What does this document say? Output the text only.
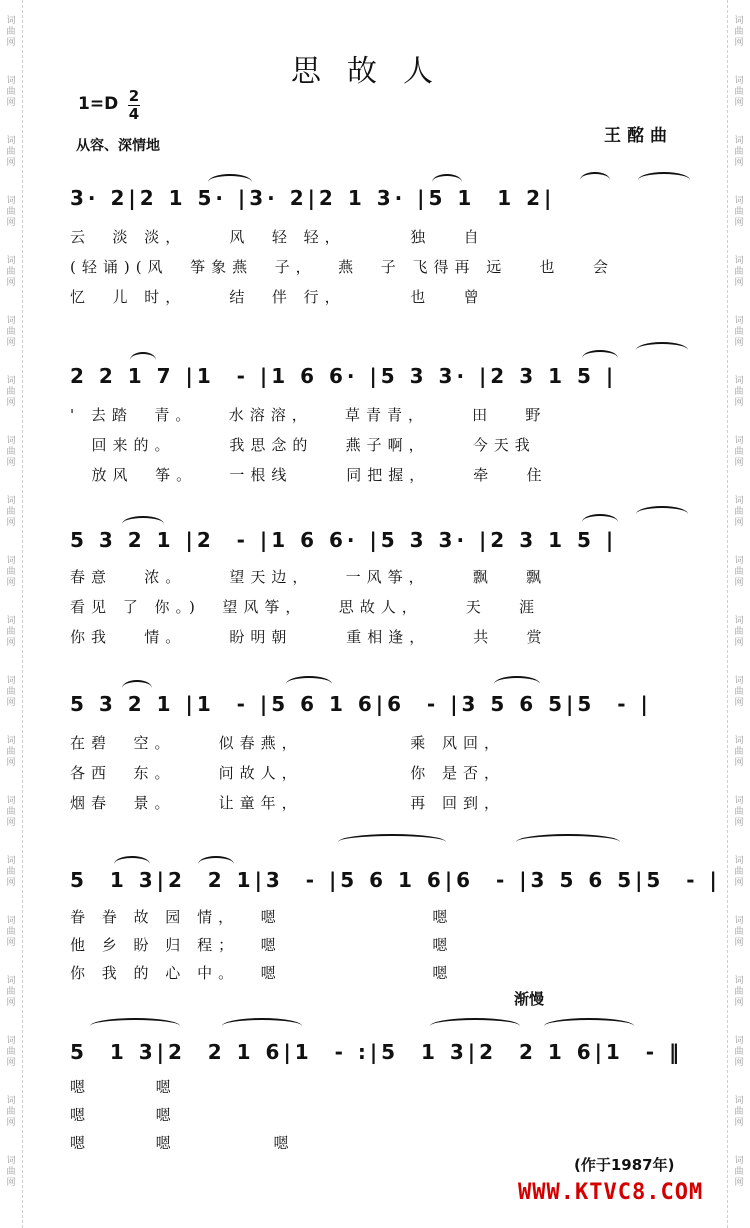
词
曲
网
词
曲
网
词
曲
网
词
曲
网
词
曲
网
词
曲
网
词
曲
网
词
曲
网
词
曲
网
词
曲
网
词
曲
网
词
曲
网
词
曲
网
词
曲
网
词
曲
网
词
曲
网
词
曲
网
词
曲
网
词
曲
网
词
曲
网
词
曲
网
词
曲
网
词
曲
网
词
曲
网
词
曲
网
词
曲
网
词
曲
网
词
曲
网
词
曲
网
词
曲
网
词
曲
网
词
曲
网
词
曲
网
词
曲
网
词
曲
网
词
曲
网
词
曲
网
词
曲
网
词
曲
网
词
曲
网
思故人
1=D 2
4
从容、深情地	王酩曲
3· 2|2 1 5· |3· 2|2 1 3· |5 1  1 2|
云  淡 淡，    风  轻 轻，      独   自
(轻诵)(风  筝象燕  子，  燕  子 飞得再 远   也   会
忆  儿 时，    结  伴 行，      也   曾
2 2 1 7 |1  - |1 6 6· |5 3 3· |2 3 1 5 |
' 去踏  青。   水溶溶，   草青青，    田   野
回来的。     我思念的   燕子啊，    今天我
放风  筝。   一根线     同把握，    牵   住
5 3 2 1 |2  - |1 6 6· |5 3 3· |2 3 1 5 |
春意   浓。    望天边，   一风筝，    飘   飘
看见 了 你。)  望风筝，   思故人，    天   涯
你我   情。    盼明朝     重相逢，    共   赏
5 3 2 1 |1  - |5 6 1 6|6  - |3 5 6 5|5  - |
在碧  空。    似春燕，          乘 风回，
各西  东。    问故人，          你 是否，
烟春  景。    让童年，          再 回到，
5  1 3|2  2 1|3  - |5 6 1 6|6  - |3 5 6 5|5  - |
眷 眷 故 园 情，  嗯              嗯
他 乡 盼 归 程；  嗯              嗯
你 我 的 心 中。  嗯              嗯
渐慢
5  1 3|2  2 1 6|1  - :|5  1 3|2  2 1 6|1  - ‖
嗯      嗯
嗯      嗯
嗯      嗯         嗯
(作于1987年)
WWW.KTVC8.COM
